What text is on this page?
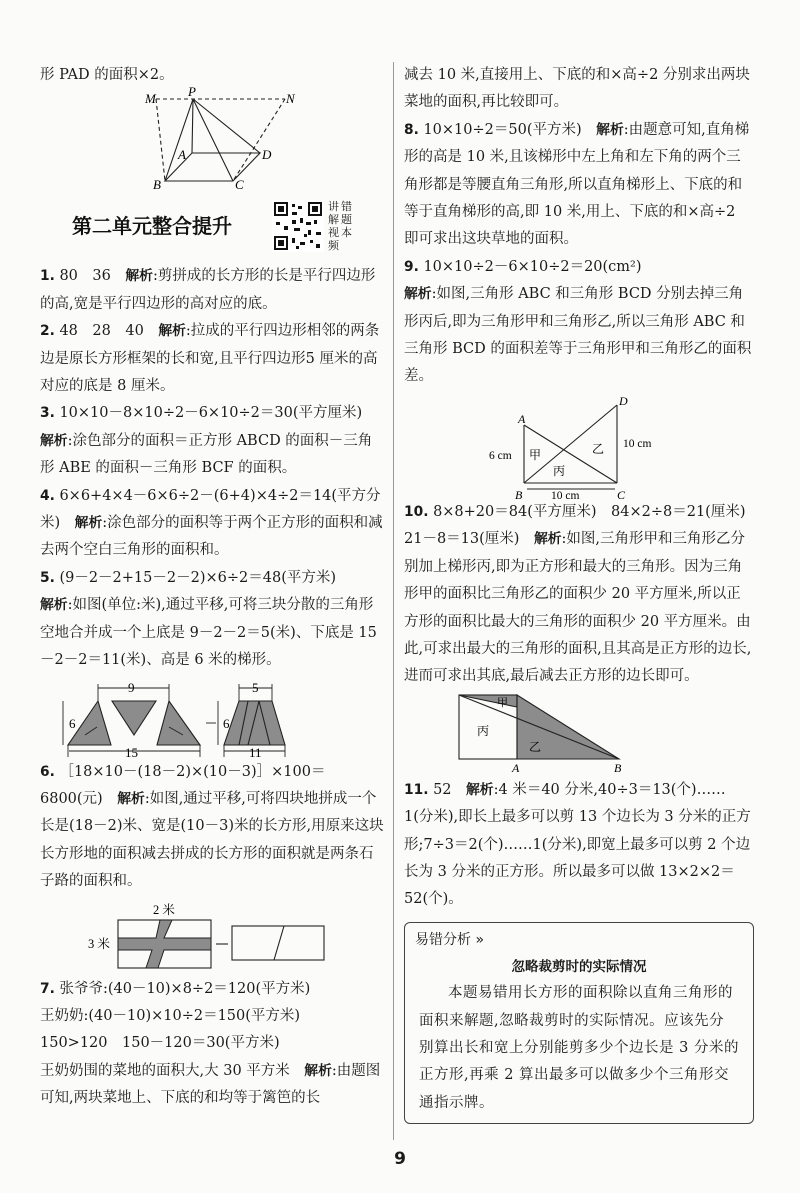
形 PAD 的面积×2。

M P	N
A	D
B	C
第二单元整合提升
讲
解
视
频
错
题
本

1. 80　36　 解析:剪拼成的长方形的长是平行四边形的高,宽是平行四边形的高对应的底。

2. 48　28　40　 解析:拉成的平行四边形相邻的两条边是原长方形框架的长和宽,且平行四边形5 厘米的高对应的底是 8 厘米。

3. 10×10－8×10÷2－6×10÷2＝30(平方厘米)
解析:涂色部分的面积＝正方形 ABCD 的面积－三角形 ABE 的面积－三角形 BCF 的面积。

4. 6×6+4×4－6×6÷2－(6+4)×4÷2＝14(平方分米)　 解析:涂色部分的面积等于两个正方形的面积和减去两个空白三角形的面积和。

5. (9－2－2+15－2－2)×6÷2＝48(平方米)
解析:如图(单位:米),通过平移,可将三块分散的三角形空地合并成一个上底是 9－2－2＝5(米)、下底是 15－2－2＝11(米)、高是 6 米的梯形。

9
6
15
5
6
11

6. ［18×10－(18－2)×(10－3)］×100＝6800(元)　 解析:如图,通过平移,可将四块地拼成一个长是(18－2)米、宽是(10－3)米的长方形,用原来这块长方形地的面积减去拼成的长方形的面积就是两条石子路的面积和。

2 米
3 米

7. 张爷爷:(40－10)×8÷2＝120(平方米)
王奶奶:(40－10)×10÷2＝150(平方米)
150>120　150－120＝30(平方米)
王奶奶围的菜地的面积大,大 30 平方米　 解析:由题图可知,两块菜地上、下底的和均等于篱笆的长

减去 10 米,直接用上、下底的和×高÷2 分别求出两块菜地的面积,再比较即可。

8. 10×10÷2＝50(平方米)　 解析:由题意可知,直角梯形的高是 10 米,且该梯形中左上角和左下角的两个三角形都是等腰直角三角形,所以直角梯形上、下底的和等于直角梯形的高,即 10 米,用上、下底的和×高÷2 即可求出这块草地的面积。

9. 10×10÷2－6×10÷2＝20(cm²)
解析:如图,三角形 ABC 和三角形 BCD 分别去掉三角形丙后,即为三角形甲和三角形乙,所以三角形 ABC 和三角形 BCD 的面积差等于三角形甲和三角形乙的面积差。

A
D
B	C
甲	乙
丙
6 cm
10 cm
10 cm

10. 8×8+20＝84(平方厘米)　84×2÷8＝21(厘米)　21－8＝13(厘米)　 解析:如图,三角形甲和三角形乙分别加上梯形丙,即为正方形和最大的三角形。因为三角形甲的面积比三角形乙的面积少 20 平方厘米,所以正方形的面积比最大的三角形的面积少 20 平方厘米。由此,可求出最大的三角形的面积,且其高是正方形的边长,进而可求出其底,最后减去正方形的边长即可。

甲
丙
乙
A	B

11. 52　 解析:4 米＝40 分米,40÷3＝13(个)……1(分米),即长上最多可以剪 13 个边长为 3 分米的正方形;7÷3＝2(个)……1(分米),即宽上最多可以剪 2 个边长为 3 分米的正方形。所以最多可以做 13×2×2＝52(个)。

易错分析 »
忽略裁剪时的实际情况

本题易错用长方形的面积除以直角三角形的面积来解题,忽略裁剪时的实际情况。应该先分别算出长和宽上分别能剪多少个边长是 3 分米的正方形,再乘 2 算出最多可以做多少个三角形交通指示牌。

9
